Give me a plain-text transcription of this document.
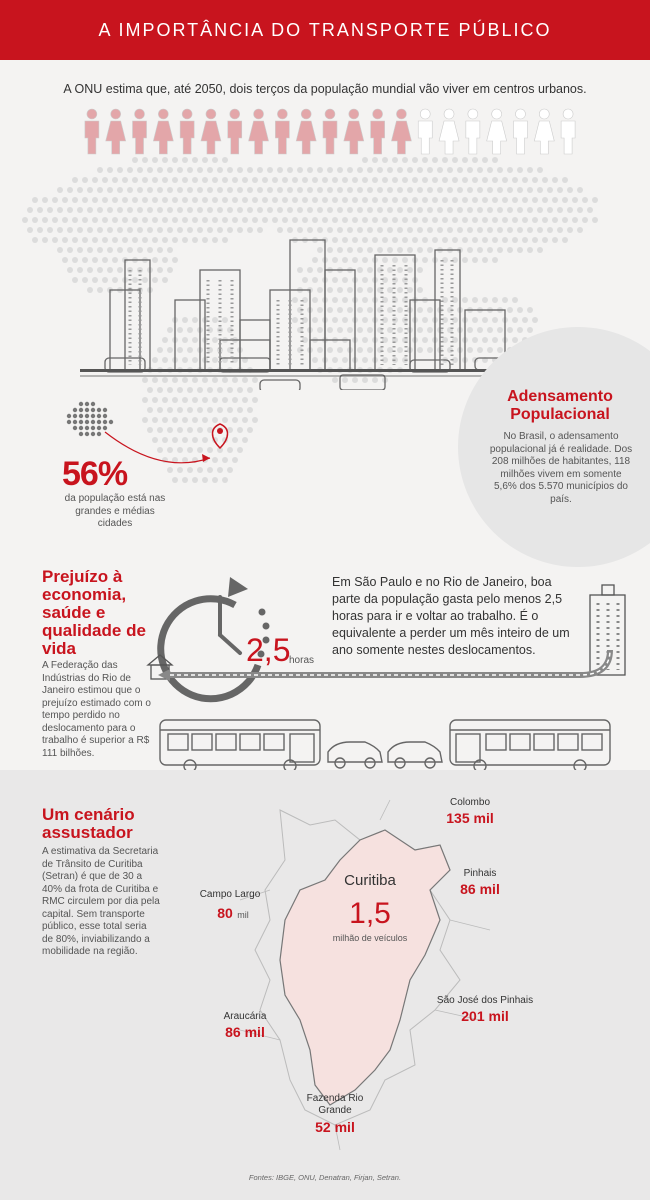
A IMPORTÂNCIA DO TRANSPORTE PÚBLICO
A ONU estima que, até 2050, dois terços da população mundial vão viver em centros urbanos.
Adensamento Populacional
No Brasil, o adensamento populacional já é realidade. Dos 208 milhões de habitantes, 118 milhões vivem em somente 5,6% dos 5.570 municípios do país.
56%
da população está nas grandes e médias cidades
Prejuízo à economia, saúde e qualidade de vida
A Federação das Indústrias do Rio de Janeiro estimou que o prejuízo estimado com o tempo perdido no deslocamento para o trabalho é superior a R$ 111 bilhões.
Em São Paulo e no Rio de Janeiro, boa parte da população gasta pelo menos 2,5 horas para ir e voltar ao trabalho. É o equivalente a perder um mês inteiro de um ano somente nestes deslocamentos.
2,5
horas
Um cenário assustador
A estimativa da Secretaria de Trânsito de Curitiba (Setran) é que de 30 a 40% da frota de Curitiba e RMC circulem por dia pela capital. Sem transporte público, esse total seria de 80%, inviabilizando a mobilidade na região.
Colombo
135 mil
Pinhais
86 mil
Campo Largo
80 mil
São José dos Pinhais
201 mil
Araucária
86 mil
Fazenda Rio Grande
52 mil
Curitiba
1,5
milhão de veículos
Fontes: IBGE, ONU, Denatran, Firjan, Setran.
